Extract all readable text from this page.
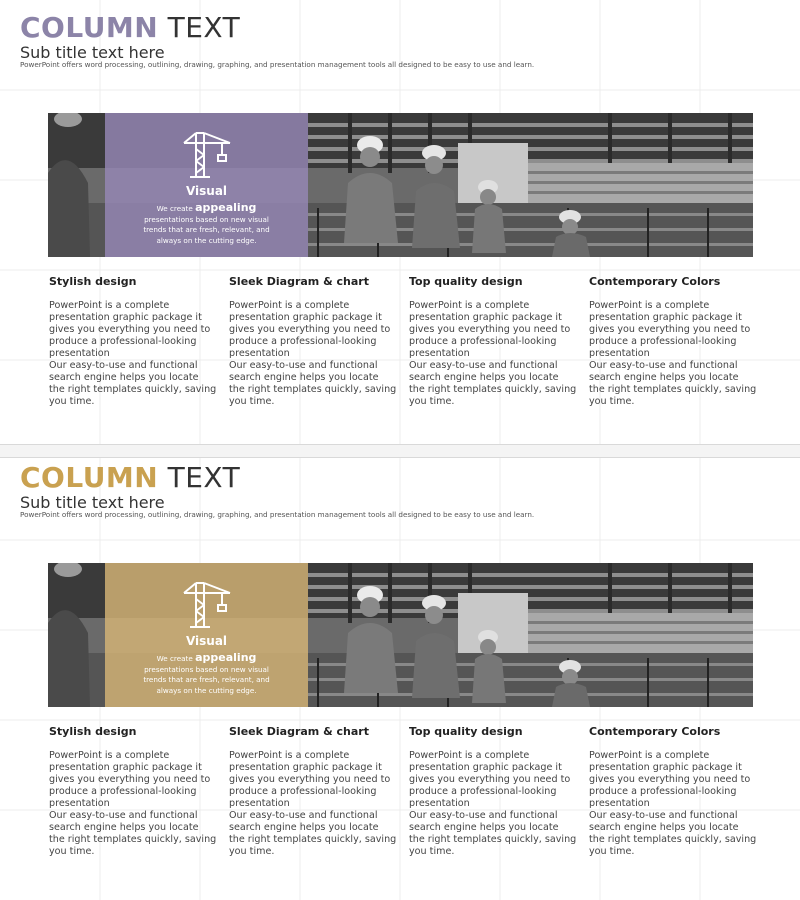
COLUMN TEXT
Sub title text here
PowerPoint offers word processing, outlining, drawing, graphing, and presentation management tools all designed to be easy to use and learn.
Visual
We create appealing presentations based on new visual trends that are fresh, relevant, and always on the cutting edge.
Stylish design

PowerPoint is a complete presentation graphic package it gives you everything you need to produce a professional-looking presentation
Our easy-to-use and functional search engine helps you locate the right templates quickly, saving you time.

Sleek Diagram & chart

PowerPoint is a complete presentation graphic package it gives you everything you need to produce a professional-looking presentation
Our easy-to-use and functional search engine helps you locate the right templates quickly, saving you time.

Top quality design

PowerPoint is a complete presentation graphic package it gives you everything you need to produce a professional-looking presentation
Our easy-to-use and functional search engine helps you locate the right templates quickly, saving you time.

Contemporary Colors

PowerPoint is a complete presentation graphic package it gives you everything you need to produce a professional-looking presentation
Our easy-to-use and functional search engine helps you locate the right templates quickly, saving you time.

COLUMN TEXT
Sub title text here
PowerPoint offers word processing, outlining, drawing, graphing, and presentation management tools all designed to be easy to use and learn.
Visual
We create appealing presentations based on new visual trends that are fresh, relevant, and always on the cutting edge.
Stylish design

PowerPoint is a complete presentation graphic package it gives you everything you need to produce a professional-looking presentation
Our easy-to-use and functional search engine helps you locate the right templates quickly, saving you time.

Sleek Diagram & chart

PowerPoint is a complete presentation graphic package it gives you everything you need to produce a professional-looking presentation
Our easy-to-use and functional search engine helps you locate the right templates quickly, saving you time.

Top quality design

PowerPoint is a complete presentation graphic package it gives you everything you need to produce a professional-looking presentation
Our easy-to-use and functional search engine helps you locate the right templates quickly, saving you time.

Contemporary Colors

PowerPoint is a complete presentation graphic package it gives you everything you need to produce a professional-looking presentation
Our easy-to-use and functional search engine helps you locate the right templates quickly, saving you time.
